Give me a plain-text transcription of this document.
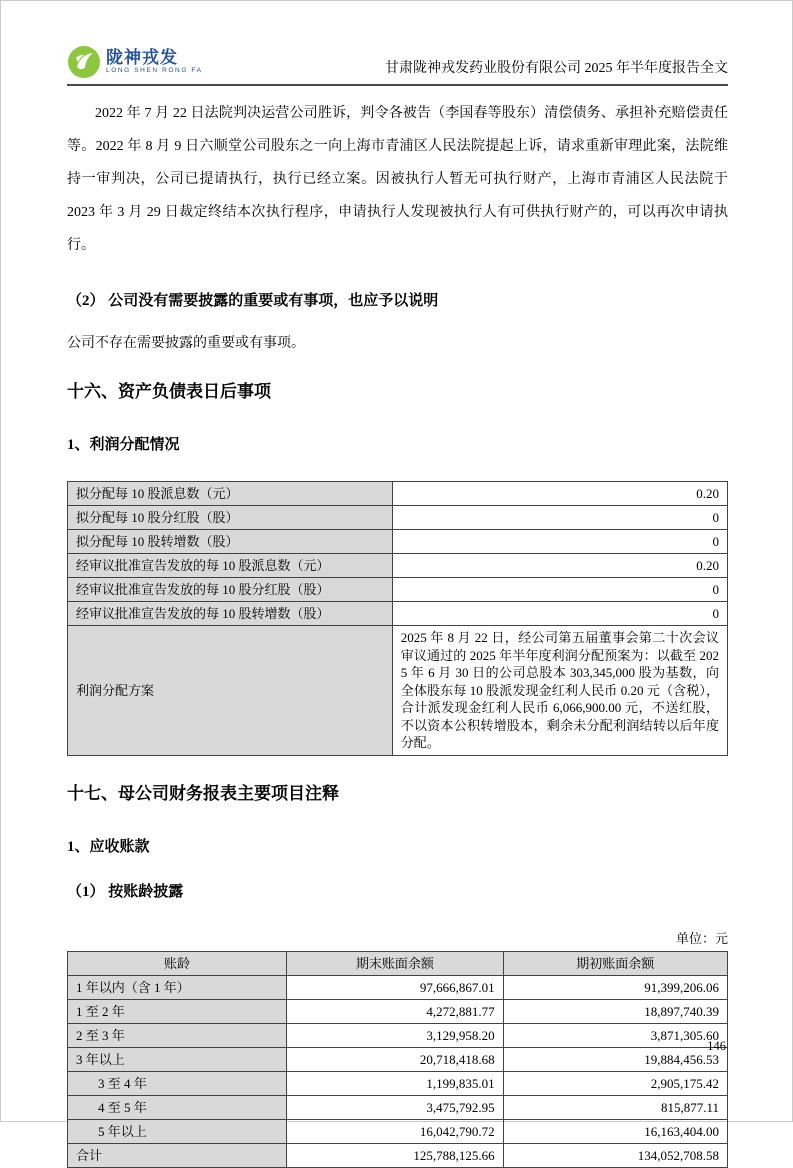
陇神戎发
LONG SHEN RONG FA	甘肃陇神戎发药业股份有限公司 2025 年半年度报告全文

2022 年 7 月 22 日法院判决运营公司胜诉，判令各被告（李国春等股东）清偿债务、承担补充赔偿责任等。2022 年 8 月 9 日六顺堂公司股东之一向上海市青浦区人民法院提起上诉，请求重新审理此案，法院维持一审判决，公司已提请执行，执行已经立案。因被执行人暂无可执行财产，上海市青浦区人民法院于 2023 年 3 月 29 日裁定终结本次执行程序，申请执行人发现被执行人有可供执行财产的，可以再次申请执行。

（2） 公司没有需要披露的重要或有事项，也应予以说明

公司不存在需要披露的重要或有事项。

十六、资产负债表日后事项
1、利润分配情况
拟分配每 10 股派息数（元）	0.20
拟分配每 10 股分红股（股）	0
拟分配每 10 股转增数（股）	0
经审议批准宣告发放的每 10 股派息数（元）	0.20
经审议批准宣告发放的每 10 股分红股（股）	0
经审议批准宣告发放的每 10 股转增数（股）	0
利润分配方案	2025 年 8 月 22 日，经公司第五届董事会第二十次会议审议通过的 2025 年半年度利润分配预案为：以截至 2025 年 6 月 30 日的公司总股本 303,345,000 股为基数，向全体股东每 10 股派发现金红利人民币 0.20 元（含税），合计派发现金红利人民币 6,066,900.00 元，不送红股，不以资本公积转增股本，剩余未分配利润结转以后年度分配。
十七、母公司财务报表主要项目注释
1、应收账款
（1） 按账龄披露
单位：元
账龄	期末账面余额	期初账面余额
1 年以内（含 1 年）	97,666,867.01	91,399,206.06
1 至 2 年	4,272,881.77	18,897,740.39
2 至 3 年	3,129,958.20	3,871,305.60
3 年以上	20,718,418.68	19,884,456.53
3 至 4 年	1,199,835.01	2,905,175.42
4 至 5 年	3,475,792.95	815,877.11
5 年以上	16,042,790.72	16,163,404.00
合计	125,788,125.66	134,052,708.58
146
